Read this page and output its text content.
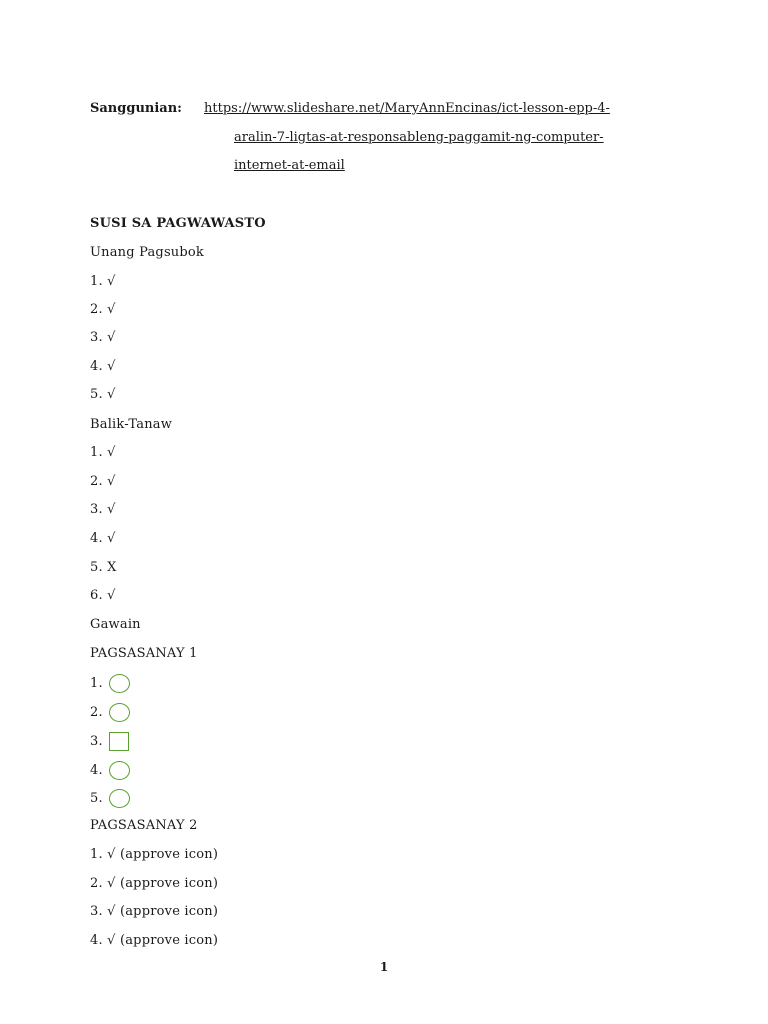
Sanggunian: https://www.slideshare.net/MaryAnnEncinas/ict-lesson-epp-4-
aralin-7-ligtas-at-responsableng-paggamit-ng-computer-
internet-at-email
SUSI SA PAGWAWASTO
Unang Pagsubok
1. √
2. √
3. √
4. √
5. √
Balik-Tanaw
1. √
2. √
3. √
4. √
5. X
6. √
Gawain
PAGSASANAY 1
1.
2.
3.
4.
5.
PAGSASANAY 2
1. √ (approve icon)
2. √ (approve icon)
3. √ (approve icon)
4. √ (approve icon)
1
